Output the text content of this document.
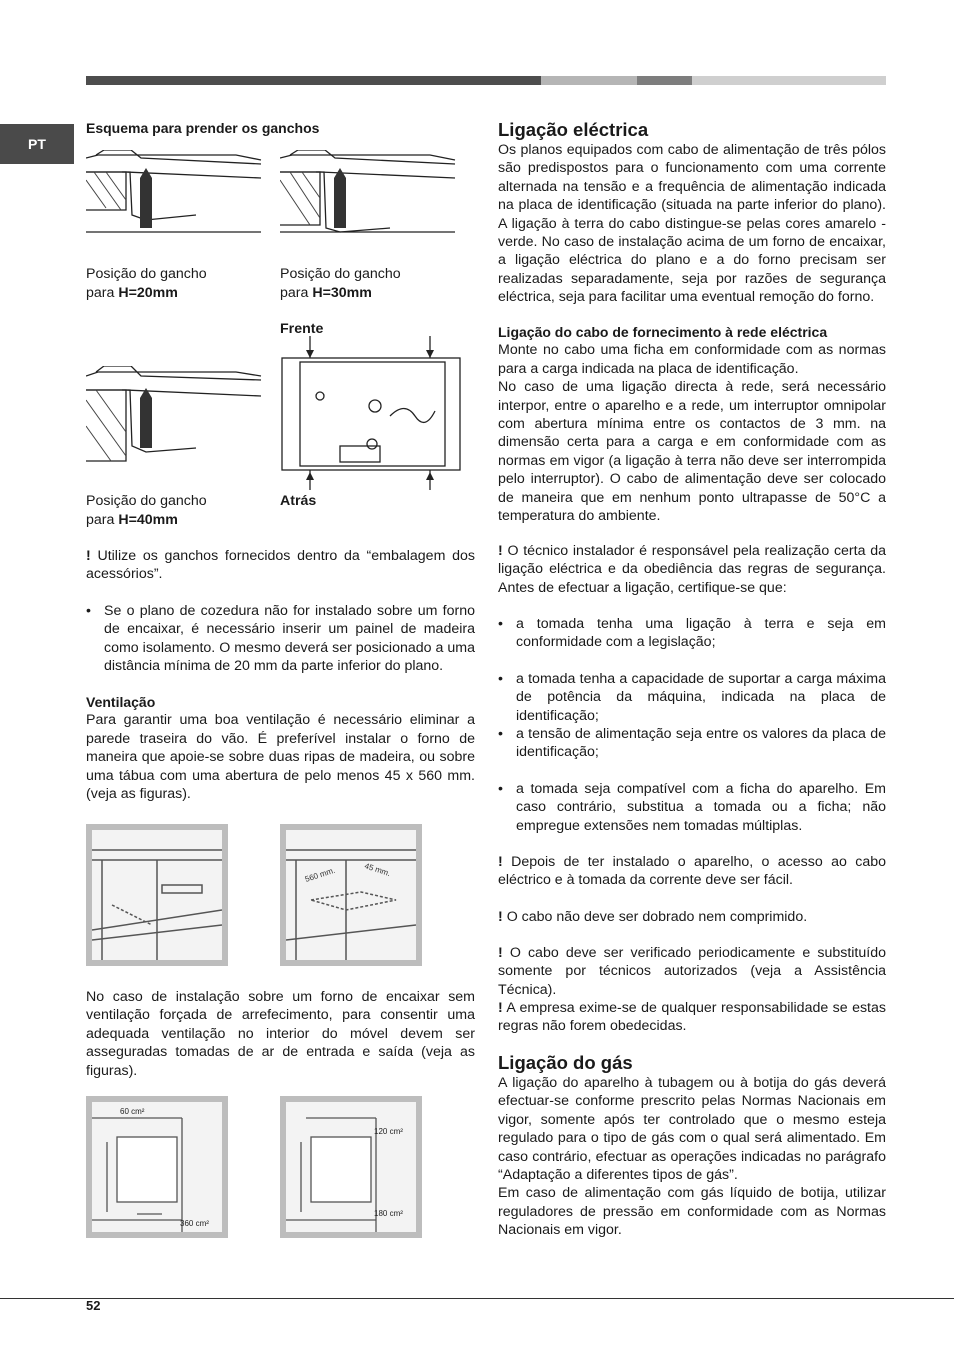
PT
Esquema para prender os ganchos
Posição do gancho
para H=20mm
Posição do gancho
para H=30mm
Frente
Posição do gancho
para H=40mm
Atrás

! Utilize os ganchos fornecidos dentro da “embalagem dos acessórios”.

• Se o plano de cozedura não for instalado sobre um forno de encaixar, é necessário inserir um painel de madeira como isolamento. O mesmo deverá ser posicionado a uma distância mínima de 20 mm da parte inferior do plano.

Ventilação

Para garantir uma boa ventilação é necessário eliminar a parede traseira do vão. É preferível instalar o forno de maneira que apoie-se sobre duas ripas de madeira, ou sobre uma tábua com uma abertura de pelo menos 45 x 560 mm. (veja as figuras).

560 mm.	45 mm.

No caso de instalação sobre um forno de encaixar sem ventilação forçada de arrefecimento, para consentir uma adequada ventilação no interior do móvel devem ser asseguradas tomadas de ar de entrada e saída (veja as figuras).

60 cm²
360 cm²
120 cm²
180 cm²
Ligação eléctrica

Os planos equipados com cabo de alimentação de três pólos são predispostos para o funcionamento com uma corrente alternada na tensão e a frequência de alimentação indicada na placa de identificação (situada na parte inferior do plano). A ligação à terra do cabo distingue-se pelas cores amarelo - verde. No caso de instalação acima de um forno de encaixar, a ligação eléctrica do plano e a do forno precisam ser realizadas separadamente, seja por razões de segurança eléctrica, seja para facilitar uma eventual remoção do forno.

Ligação do cabo de fornecimento à rede eléctrica

Monte no cabo uma ficha em conformidade com as normas para a carga indicada na placa de identificação.

No caso de uma ligação directa à rede, será necessário interpor, entre o aparelho e a rede, um interruptor omnipolar com abertura mínima entre os contactos de 3 mm. na dimensão certa para a carga e em conformidade com as normas em vigor (a ligação à terra não deve ser interrompida pelo interruptor). O cabo de alimentação deve ser colocado de maneira que em nenhum ponto ultrapasse de 50°C a temperatura do ambiente.

! O técnico instalador é responsável pela realização certa da ligação eléctrica e da obediência das regras de segurança. Antes de efectuar a ligação, certifique-se que:

• a tomada tenha uma ligação à terra e seja em conformidade com a legislação;

• a tomada tenha a capacidade de suportar a carga máxima de potência da máquina, indicada na placa de identificação;

• a tensão de alimentação seja entre os valores da placa de identificação;

• a tomada seja compatível com a ficha do aparelho. Em caso contrário, substitua a tomada ou a ficha; não empregue extensões nem tomadas múltiplas.

! Depois de ter instalado o aparelho, o acesso ao cabo eléctrico e à tomada da corrente deve ser fácil.

! O cabo não deve ser dobrado nem comprimido.

! O cabo deve ser verificado periodicamente e substituído somente por técnicos autorizados (veja a Assistência Técnica).

! A empresa exime-se de qualquer responsabilidade se estas regras não forem obedecidas.

Ligação do gás

A ligação do aparelho à tubagem ou à botija do gás deverá efectuar-se conforme prescrito pelas Normas Nacionais em vigor, somente após ter controlado que o mesmo esteja regulado para o tipo de gás com o qual será alimentado. Em caso contrário, efectuar as operações indicadas no parágrafo “Adaptação a diferentes tipos de gás”.

Em caso de alimentação com gás líquido de botija, utilizar reguladores de pressão em conformidade com as Normas Nacionais em vigor.

52
